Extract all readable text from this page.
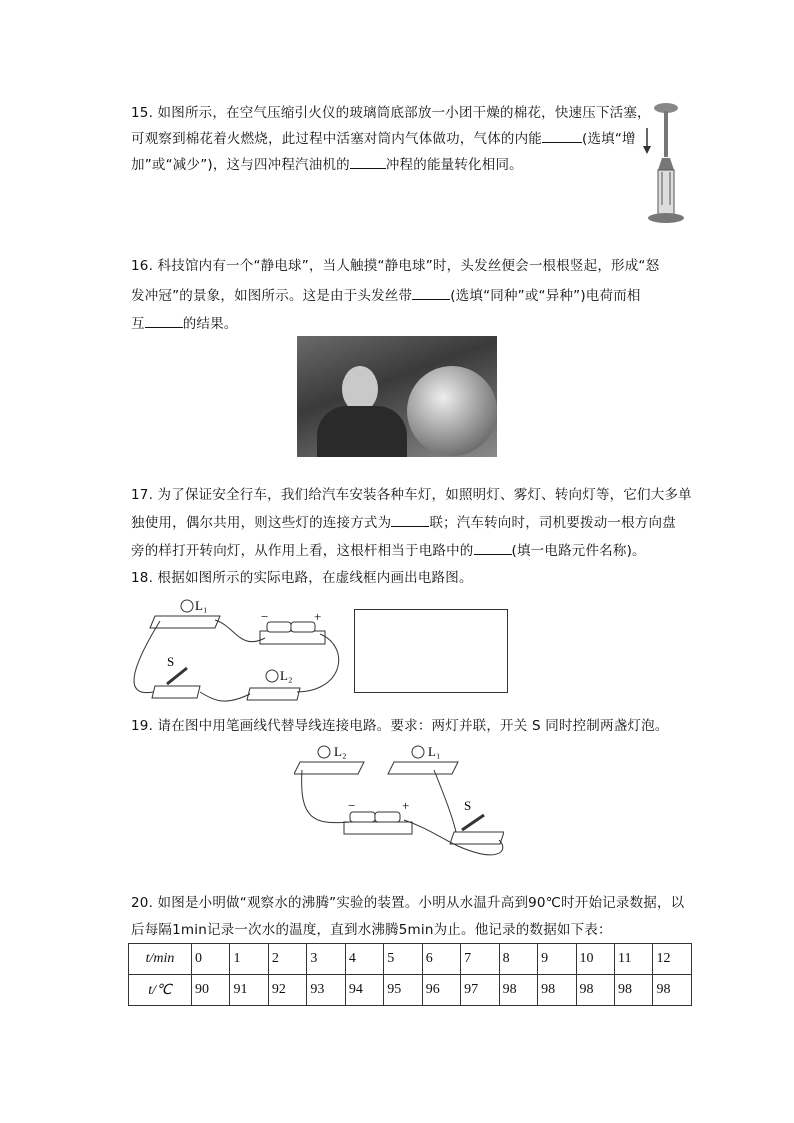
15. 如图所示，在空气压缩引火仪的玻璃筒底部放一小团干燥的棉花，快速压下活塞，
可观察到棉花着火燃烧，此过程中活塞对筒内气体做功，气体的内能	(选填“增
加”或“减少”)，这与四冲程汽油机的	冲程的能量转化相同。
16. 科技馆内有一个“静电球”，当人触摸“静电球”时，头发丝便会一根根竖起，形成“怒
发冲冠”的景象，如图所示。这是由于头发丝带	(选填“同种”或“异种”)电荷而相
互	的结果。
17. 为了保证安全行车，我们给汽车安装各种车灯，如照明灯、雾灯、转向灯等，它们大多单
独使用，偶尔共用，则这些灯的连接方式为	联；汽车转向时，司机要拨动一根方向盘
旁的样打开转向灯，从作用上看，这根杆相当于电路中的	(填一电路元件名称)。
18. 根据如图所示的实际电路，在虚线框内画出电路图。
L₁
−	+
S
L₂
19. 请在图中用笔画线代替导线连接电路。要求：两灯并联，开关 S 同时控制两盏灯泡。
L₂	L₁
−	+	S
20. 如图是小明做“观察水的沸腾”实验的装置。小明从水温升高到90℃时开始记录数据，以
后每隔1min记录一次水的温度，直到水沸腾5min为止。他记录的数据如下表：
t/min	0	1	2	3	4	5	6	7	8	9	10	11	12
t/℃	90	91	92	93	94	95	96	97	98	98	98	98	98
